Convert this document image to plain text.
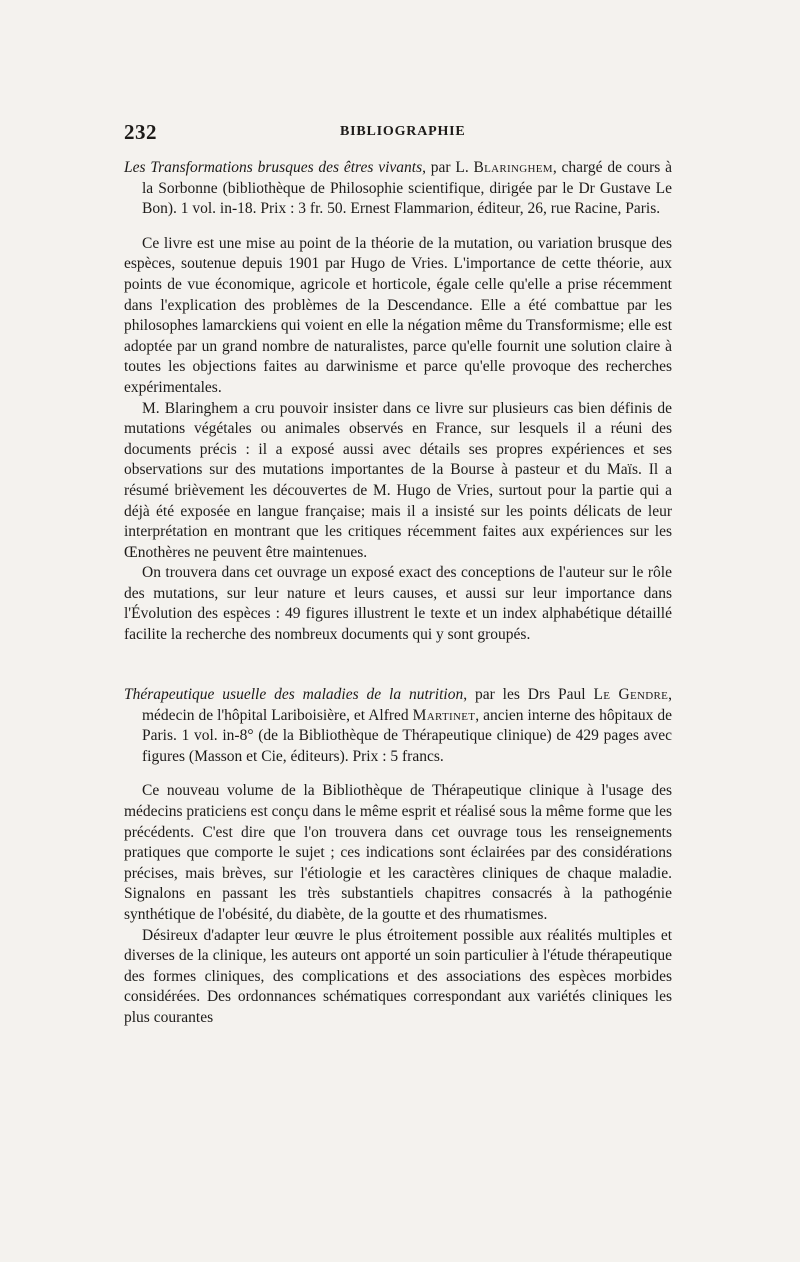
232	BIBLIOGRAPHIE

Les Transformations brusques des êtres vivants, par L. Blaringhem, chargé de cours à la Sorbonne (bibliothèque de Philosophie scientifique, dirigée par le Dr Gustave Le Bon). 1 vol. in-18. Prix : 3 fr. 50. Ernest Flammarion, éditeur, 26, rue Racine, Paris.

Ce livre est une mise au point de la théorie de la mutation, ou variation brusque des espèces, soutenue depuis 1901 par Hugo de Vries. L'importance de cette théorie, aux points de vue économique, agricole et horticole, égale celle qu'elle a prise récemment dans l'explication des problèmes de la Descendance. Elle a été combattue par les philosophes lamarckiens qui voient en elle la négation même du Transformisme; elle est adoptée par un grand nombre de naturalistes, parce qu'elle fournit une solution claire à toutes les objections faites au darwinisme et parce qu'elle provoque des recherches expérimentales.

M. Blaringhem a cru pouvoir insister dans ce livre sur plusieurs cas bien définis de mutations végétales ou animales observés en France, sur lesquels il a réuni des documents précis : il a exposé aussi avec détails ses propres expériences et ses observations sur des mutations importantes de la Bourse à pasteur et du Maïs. Il a résumé brièvement les découvertes de M. Hugo de Vries, surtout pour la partie qui a déjà été exposée en langue française; mais il a insisté sur les points délicats de leur interprétation en montrant que les critiques récemment faites aux expériences sur les Œnothères ne peuvent être maintenues.

On trouvera dans cet ouvrage un exposé exact des conceptions de l'auteur sur le rôle des mutations, sur leur nature et leurs causes, et aussi sur leur importance dans l'Évolution des espèces : 49 figures illustrent le texte et un index alphabétique détaillé facilite la recherche des nombreux documents qui y sont groupés.

Thérapeutique usuelle des maladies de la nutrition, par les Drs Paul Le Gendre, médecin de l'hôpital Lariboisière, et Alfred Martinet, ancien interne des hôpitaux de Paris. 1 vol. in-8° (de la Bibliothèque de Thérapeutique clinique) de 429 pages avec figures (Masson et Cie, éditeurs). Prix : 5 francs.

Ce nouveau volume de la Bibliothèque de Thérapeutique clinique à l'usage des médecins praticiens est conçu dans le même esprit et réalisé sous la même forme que les précédents. C'est dire que l'on trouvera dans cet ouvrage tous les renseignements pratiques que comporte le sujet ; ces indications sont éclairées par des considérations précises, mais brèves, sur l'étiologie et les caractères cliniques de chaque maladie. Signalons en passant les très substantiels chapitres consacrés à la pathogénie synthétique de l'obésité, du diabète, de la goutte et des rhumatismes.

Désireux d'adapter leur œuvre le plus étroitement possible aux réalités multiples et diverses de la clinique, les auteurs ont apporté un soin particulier à l'étude thérapeutique des formes cliniques, des complications et des associations des espèces morbides considérées. Des ordonnances schématiques correspondant aux variétés cliniques les plus courantes
